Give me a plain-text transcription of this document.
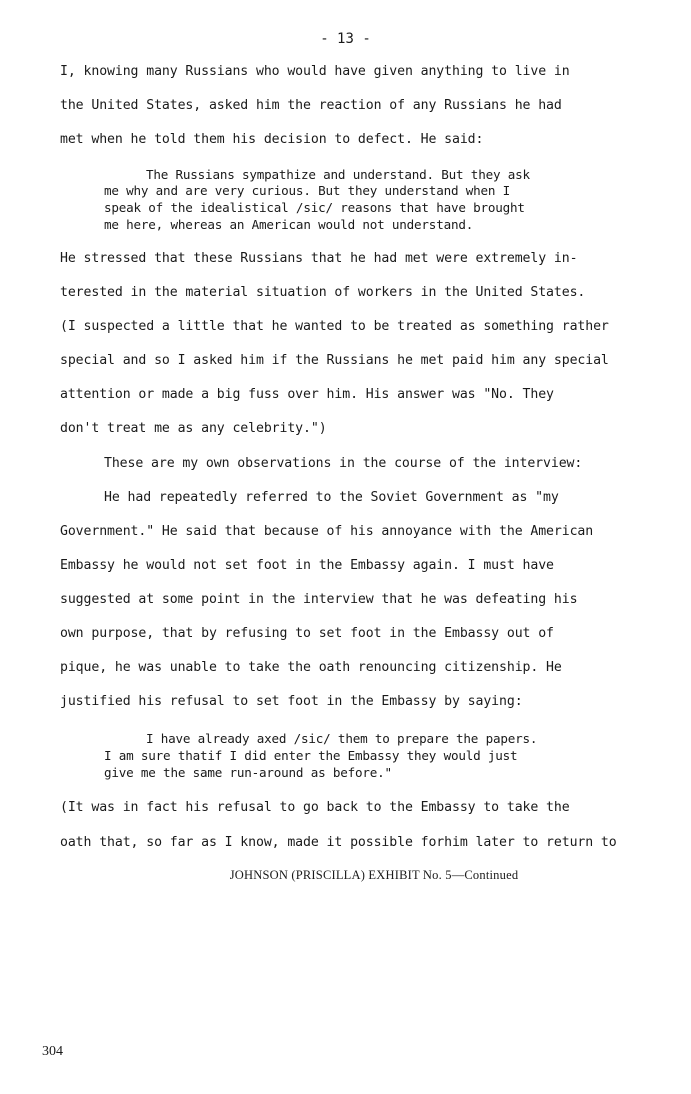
- 13 -
I, knowing many Russians who would have given anything to live in
the United States, asked him the reaction of any Russians he had
met when he told them his decision to defect. He said:
The Russians sympathize and understand. But they ask
me why and are very curious. But they understand when I
speak of the idealistical /sic/ reasons that have brought
me here, whereas an American would not understand.
He stressed that these Russians that he had met were extremely in-
terested in the material situation of workers in the United States.
(I suspected a little that he wanted to be treated as something rather
special and so I asked him if the Russians he met paid him any special
attention or made a big fuss over him. His answer was "No. They
don't treat me as any celebrity.")
These are my own observations in the course of the interview:
He had repeatedly referred to the Soviet Government as "my
Government." He said that because of his annoyance with the American
Embassy he would not set foot in the Embassy again. I must have
suggested at some point in the interview that he was defeating his
own purpose, that by refusing to set foot in the Embassy out of
pique, he was unable to take the oath renouncing citizenship. He
justified his refusal to set foot in the Embassy by saying:
I have already axed /sic/ them to prepare the papers.
I am sure thatif I did enter the Embassy they would just
give me the same run-around as before."
(It was in fact his refusal to go back to the Embassy to take the
oath that, so far as I know, made it possible forhim later to return to
JOHNSON (PRISCILLA) EXHIBIT No. 5—Continued
304
